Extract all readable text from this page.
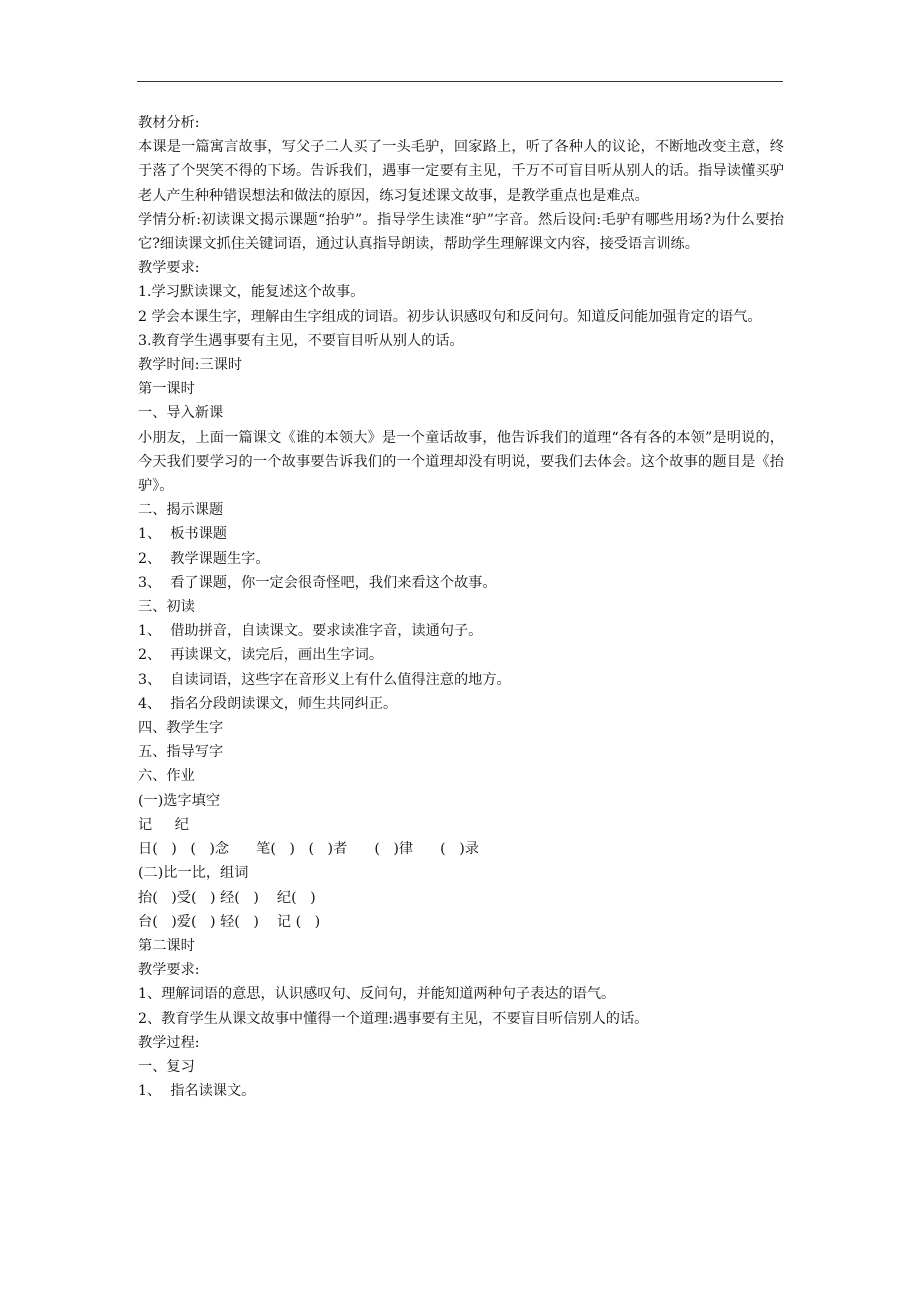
教材分析:

本课是一篇寓言故事，写父子二人买了一头毛驴，回家路上，听了各种人的议论，不断地改变主意，终于落了个哭笑不得的下场。告诉我们，遇事一定要有主见，千万不可盲目听从别人的话。指导读懂买驴老人产生种种错误想法和做法的原因，练习复述课文故事，是教学重点也是难点。

学情分析:初读课文揭示课题“抬驴”。指导学生读准“驴”字音。然后设问:毛驴有哪些用场?为什么要抬它?细读课文抓住关键词语，通过认真指导朗读，帮助学生理解课文内容，接受语言训练。

教学要求:

1.学习默读课文，能复述这个故事。

2 学会本课生字，理解由生字组成的词语。初步认识感叹句和反问句。知道反问能加强肯定的语气。

3.教育学生遇事要有主见，不要盲目听从别人的话。

教学时间:三课时

第一课时

一、导入新课

小朋友，上面一篇课文《谁的本领大》是一个童话故事，他告诉我们的道理“各有各的本领”是明说的，今天我们要学习的一个故事要告诉我们的一个道理却没有明说，要我们去体会。这个故事的题目是《抬驴》。

二、揭示课题

1、  板书课题

2、  教学课题生字。

3、  看了课题，你一定会很奇怪吧，我们来看这个故事。

三、初读

1、  借助拼音，自读课文。要求读准字音，读通句子。

2、  再读课文，读完后，画出生字词。

3、  自读词语，这些字在音形义上有什么值得注意的地方。

4、  指名分段朗读课文，师生共同纠正。

四、教学生字

五、指导写字

六、作业

(一)选字填空

记     纪

日(   )   (   )念      笔(   )   (   )者      (   )律      (   )录

(二)比一比，组词

抬(   )受(   ) 经(   )    纪(   )

台(   )爱(   ) 轻(   )    记 (   )

第二课时

教学要求:

1、理解词语的意思，认识感叹句、反问句，并能知道两种句子表达的语气。

2、教育学生从课文故事中懂得一个道理:遇事要有主见，不要盲目听信别人的话。

教学过程:

一、复习

1、  指名读课文。
